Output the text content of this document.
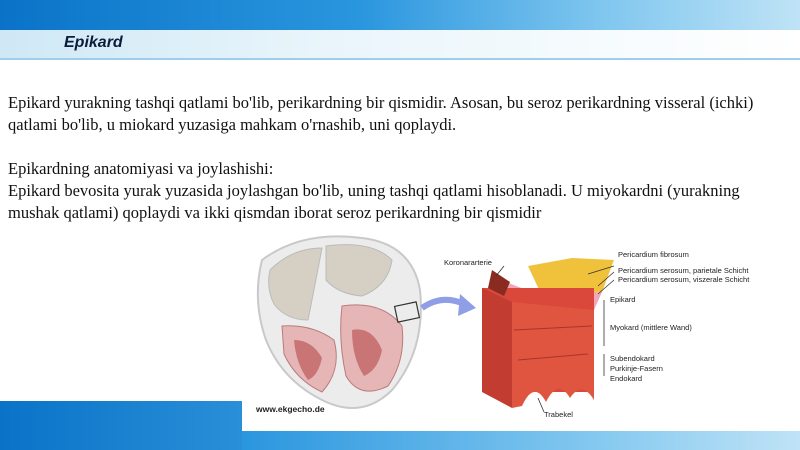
Epikard

Epikard yurakning tashqi qatlami bo'lib, perikardning bir qismidir. Asosan, bu seroz perikardning visseral (ichki) qatlami bo'lib, u miokard yuzasiga mahkam o'rnashib, uni qoplaydi.

Epikardning anatomiyasi va joylashishi:

Epikard bevosita yurak yuzasida joylashgan bo'lib, uning tashqi qatlami hisoblanadi. U miyokardni (yurakning mushak qatlami) qoplaydi va ikki qismdan iborat seroz perikardning bir qismidir

Koronararterie
Pericardium fibrosum
Pericardium serosum, parietale Schicht
Pericardium serosum, viszerale Schicht
Epikard
Myokard (mittlere Wand)
Subendokard
Purkinje-Fasern
Endokard
Trabekel
www.ekgecho.de
